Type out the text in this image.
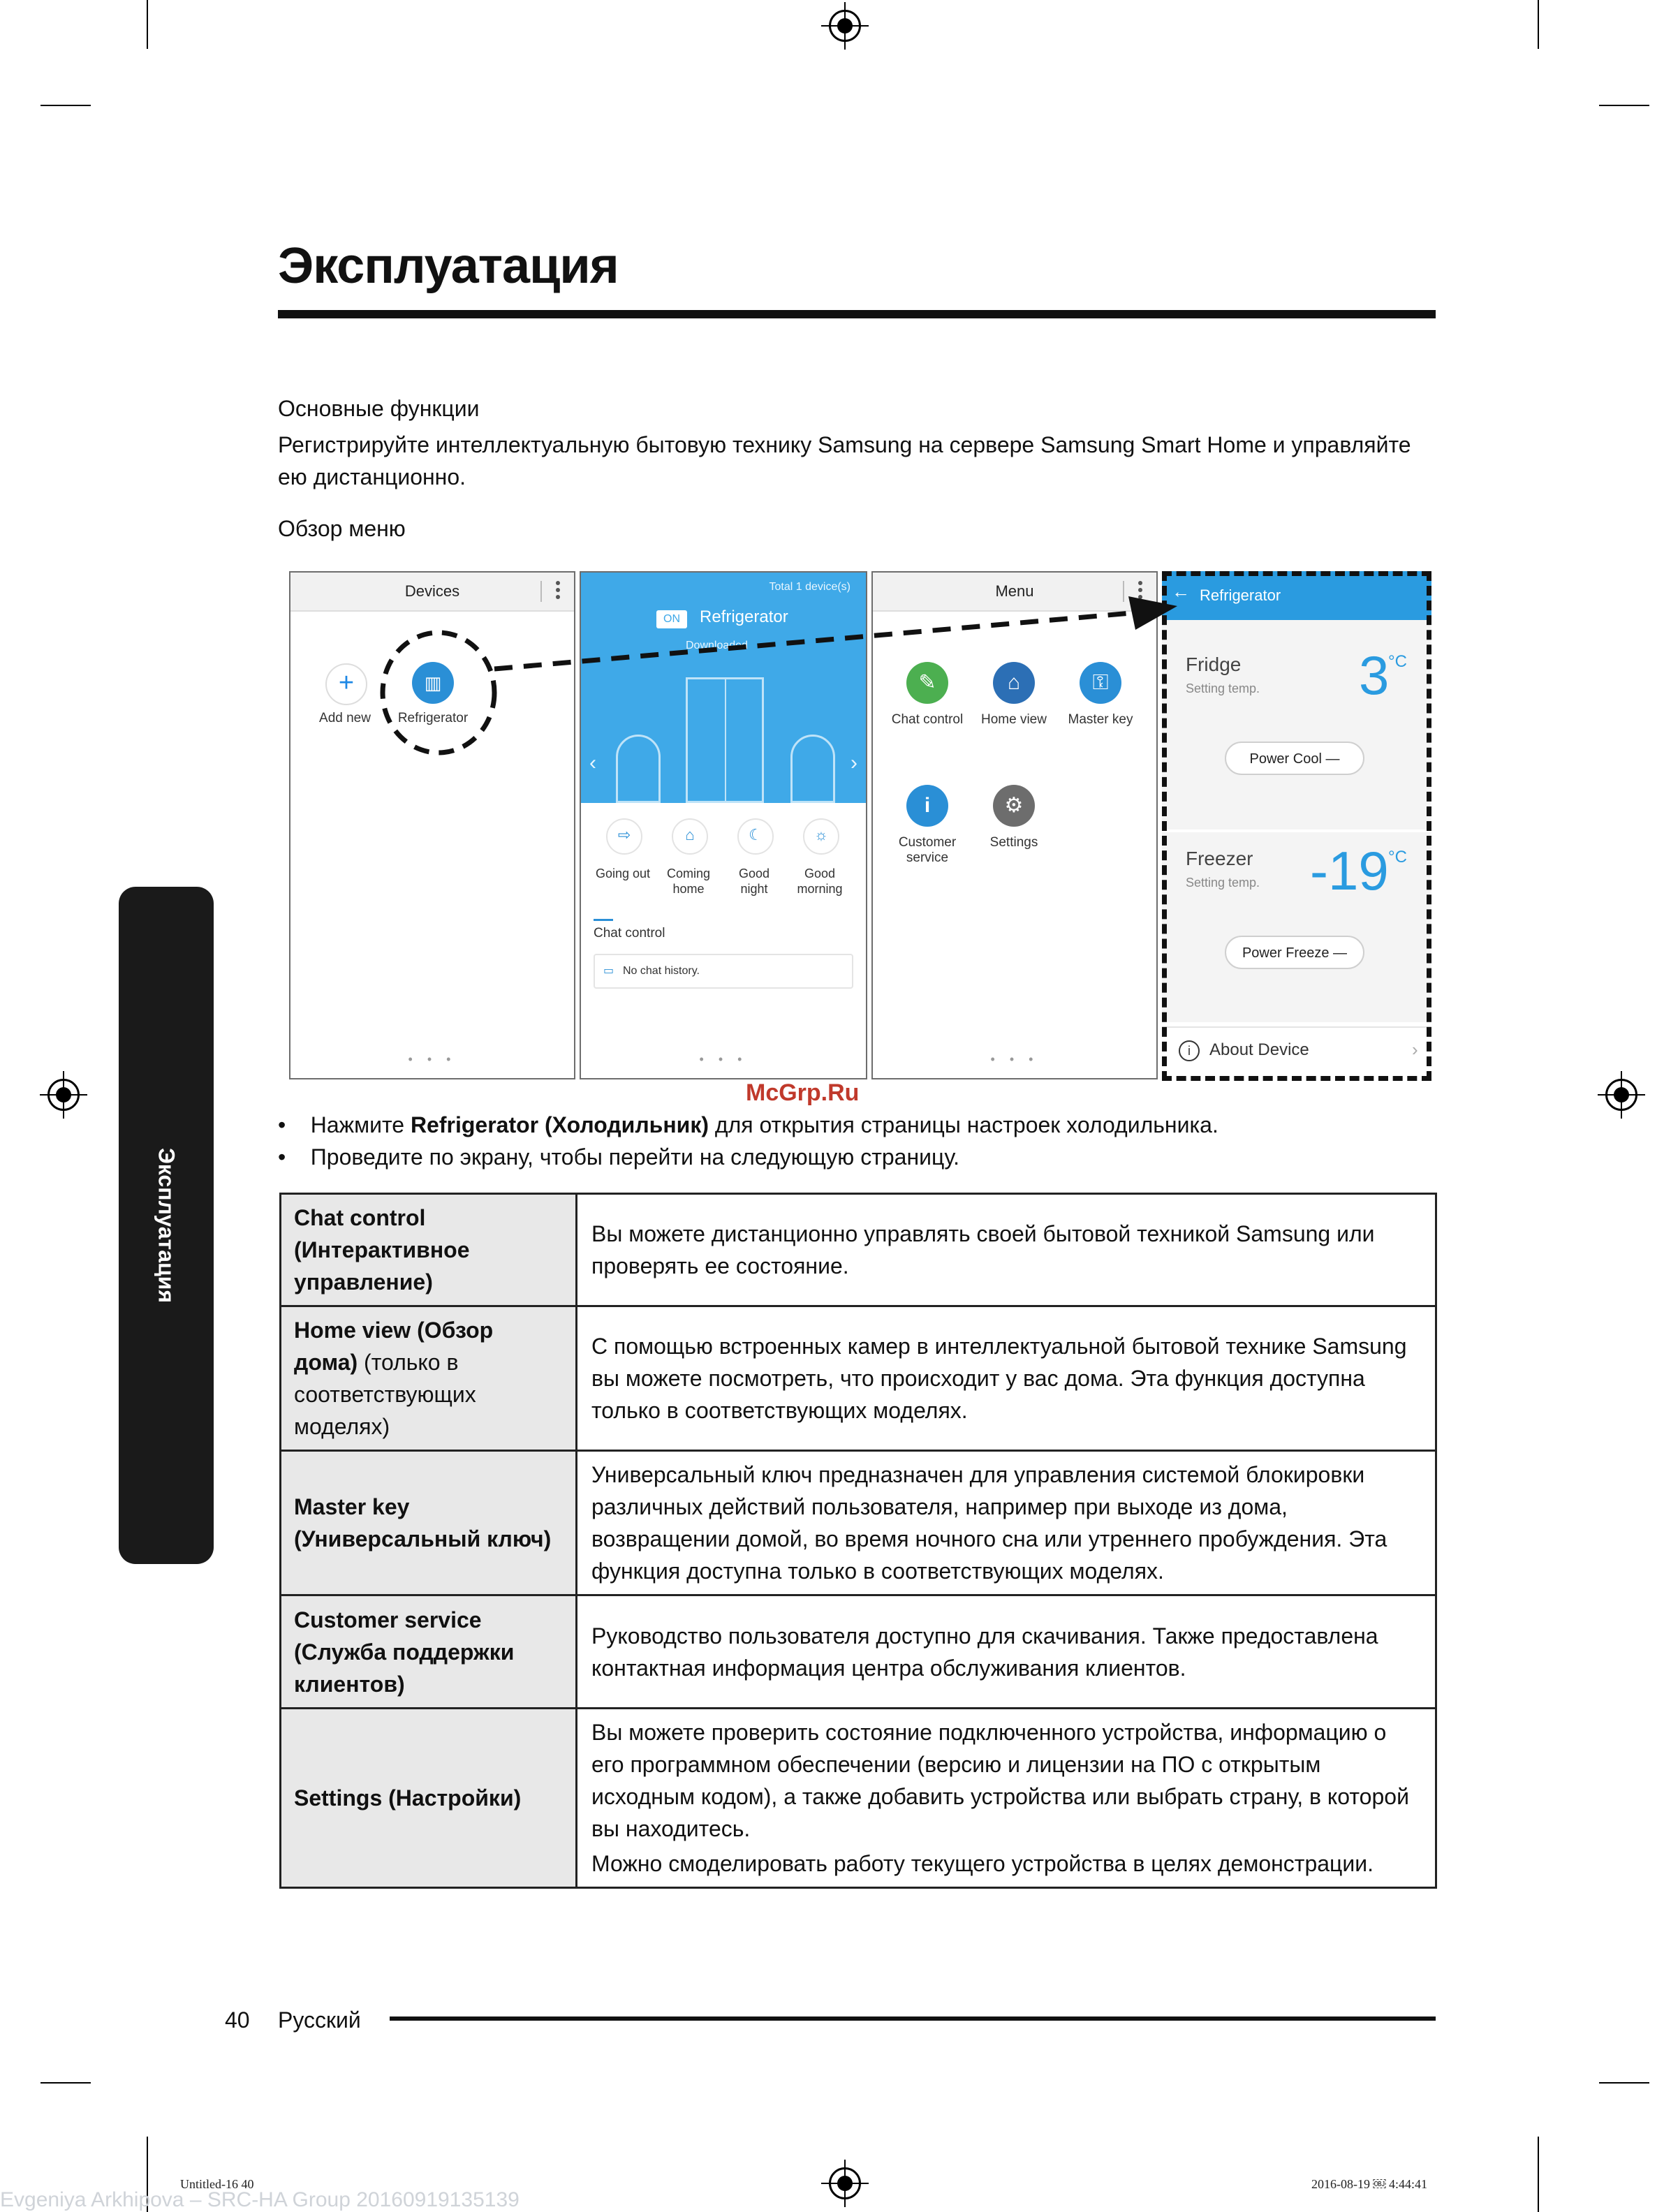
Эксплуатация
Эксплуатация
Основные функции
Регистрируйте интеллектуальную бытовую технику Samsung на сервере Samsung Smart Home и управляйте ею дистанционно.
Обзор меню
Devices
+
Add new
▥
Refrigerator
• • •
Total 1 device(s)
ON	Refrigerator
Downloaded
‹	›
⇨	⌂	☾	☼
Going out	Coming home
Good night
Good morning
Chat control
▭ No chat history.
• • •
Menu
✎
Chat control
⌂
Home view
⚿
Master key
i
Customer service
⚙
Settings
• • •
← Refrigerator
Fridge
Setting temp. 3
°C
Power Cool —
Freezer
Setting temp. -19 °C
Power Freeze —
i	About Device	›
McGrp.Ru
•    Нажмите Refrigerator (Холодильник) для открытия страницы настроек холодильника.
•    Проведите по экрану, чтобы перейти на следующую страницу.
Chat control (Интерактивное управление)	Вы можете дистанционно управлять своей бытовой техникой Samsung или проверять ее состояние.
Home view (Обзор дома) (только в соответствующих моделях)	С помощью встроенных камер в интеллектуальной бытовой технике Samsung вы можете посмотреть, что происходит у вас дома. Эта функция доступна только в соответствующих моделях.
Master key (Универсальный ключ)	Универсальный ключ предназначен для управления системой блокировки различных действий пользователя, например при выходе из дома, возвращении домой, во время ночного сна или утреннего пробуждения. Эта функция доступна только в соответствующих моделях.
Customer service (Служба поддержки клиентов)	Руководство пользователя доступно для скачивания. Также предоставлена контактная информация центра обслуживания клиентов.
Settings (Настройки)	Вы можете проверить состояние подключенного устройства, информацию о его программном обеспечении (версию и лицензии на ПО с открытым исходным кодом), а также добавить устройства или выбрать страну, в которой вы находитесь.
Можно смоделировать работу текущего устройства в целях демонстрации.
40 Русский
Untitled-16 40	2016-08-19 ￼ 4:44:41
Evgeniya Arkhipova – SRC-HA Group 20160919135139
